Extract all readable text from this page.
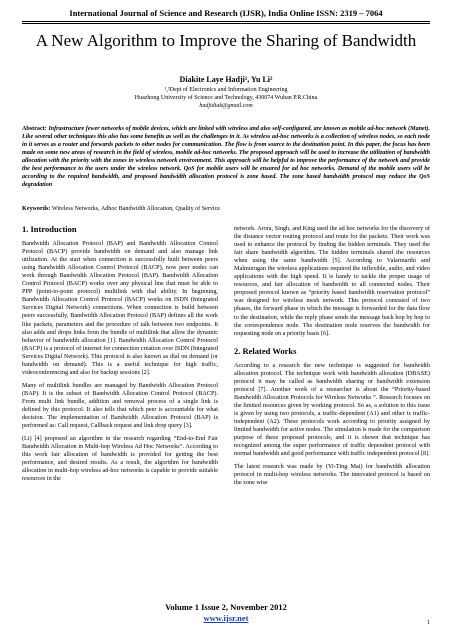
International Journal of Science and Research (IJSR), India Online ISSN: 2319 – 7064
A New Algorithm to Improve the Sharing of Bandwidth
Diakite Laye Hadji¹, Yu Li²
¹,²Dept of Electronics and Information Engineering
Huazhong University of Science and Technology, 430074 Wuhan P.R.China
hadjidiak@gmail.com
Abstract: Infrastructure fewer networks of mobile devices, which are linked with wireless and also self-configured, are known as mobile ad-hoc network (Manet). Like several other techniques this also has some benefits as well as the challenges in it. As wireless ad-hoc networks is a collection of wireless nodes, so each node in it serves as a router and forwards packets to other nodes for communication. The flow is from source to the destination point. In this paper, the focus has been made on some new areas of research in the field of wireless, mobile ad-hoc networks. The proposed approach will be used to increase the utilization of bandwidth allocation with the priority with the zones in wireless network environment. This approach will be helpful to improve the performance of the network and provide the best performance to the users under the wireless network. QoS for mobile users will be ensured for ad hoc networks. Demand of the mobile users will be according to the required bandwidth, and proposed bandwidth allocation protocol is zone based. The zone based bandwidth protocol may reduce the QoS degradation
Keywords: Wireless Networks, Adhoc Bandwidth Allocation, Quality of Service
1. Introduction

Bandwidth Allocation Protocol (BAP) and Bandwidth Allocation Control Protocol (BACP) provide bandwidth on demand and also manage link utilization. At the start when connection is successfully built between peers using Bandwidth Allocation Control Protocol (BACP), now peer nodes can work through Bandwidth Allocation Protocol (BAP). Bandwidth Allocation Control Protocol (BACP) works over any physical line that must be able to PPP (point-to-point protocol) multilink with dial ability. In beginning, Bandwidth Allocation Control Protocol (BACP) works on ISDN (Integrated Services Digital Network) connections. When connection is build between peers successfully, Bandwidth Allocation Protocol (BAP) defines all the work like packets, parameters and the procedure of talk between two endpoints. It also adds and drops links from the bundle of multilink that allow the dynamic behavior of bandwidth allocation [1]. Bandwidth Allocation Control Protocol (BACP) is a protocol of internet for connection creation over ISDN (Integrated Services Digital Network). This protocol is also known as dial on demand (or bandwidth on demand). This is a useful technique for high traffic, videoconferencing and also for backup sessions [2].

Many of multilink bundles are managed by Bandwidth Allocation Protocol (BAP). It is the subset of Bandwidth Allocation Control Protocol (BACP). From multi link bundle, addition and removal process of a single link is defined by this protocol. It also tells that which peer is accountable for what decision. The implementation of Bandwidth Allocation Protocol (BAP) is performed as: Call request, Callback request and link drop query [3].

(Li) [4] proposed an algorithm in the research regarding “End-to-End Fair Bandwidth Allocation in Multi-hop Wireless Ad Hoc Networks”. According to this work fair allocation of bandwidth is provided for getting the best performance, and desired results. As a result, the algorithm for bandwidth allocation in multi-hop wireless ad-hoc networks is capable to provide suitable resources in the

network. Arora, Singh, and King used the ad hoc networks for the discovery of the distance vector routing protocol and route for the packets. Their work was used to enhance the protocol by finding the hidden terminals. They used the fair share bandwidth algorithm. The hidden terminals shared the resources when using the same bandwidth [5]. According to Valarmarthi and Malmurugan the wireless applications required the inflexible, audio, and video applications with the high speed. It is handy to tackle the proper usage of resources, and fair allocation of bandwidth to all connected nodes. Their proposed protocol known as “priority based bandwidth reservation protocol” was designed for wireless mesh network. This protocol consisted of two phases, the forward phase in which the message is forwarded for the data flow to the destination, while the reply phase sends the message back hop by hop to the correspondence node. The destination node reserves the bandwidth for requesting node on a priority basis [6].

2. Related Works

According to a research the new technique is suggested for bandwidth allocation protocol. The technique work with bandwidth allocation (DBASE) protocol it may be called as bandwidth sharing or bandwidth extension protocol [7]. Another work of a researcher is about the “Priority-based Bandwidth Allocation Protocols for Wireless Networks “. Research focuses on the limited resources given by working protocol. So as, a solution to this issue is given by using two protocols, a traffic-dependent (A1) and other is traffic-independent (A2). These protocols work according to priority assigned by limited bandwidth for active nodes. The simulation is made for the comparison purpose of these proposed protocols, and it is shown that technique has recognized among the super performance of traffic dependent protocol with normal bandwidth and good performance with traffic independent protocol [8].

The latest research was made by (Yi-Ting Mai) for bandwidth allocation protocol in multi-hop wireless networks. The innovated protocol is based on the zone wise

Volume 1 Issue 2, November 2012
www.ijsr.net	1
